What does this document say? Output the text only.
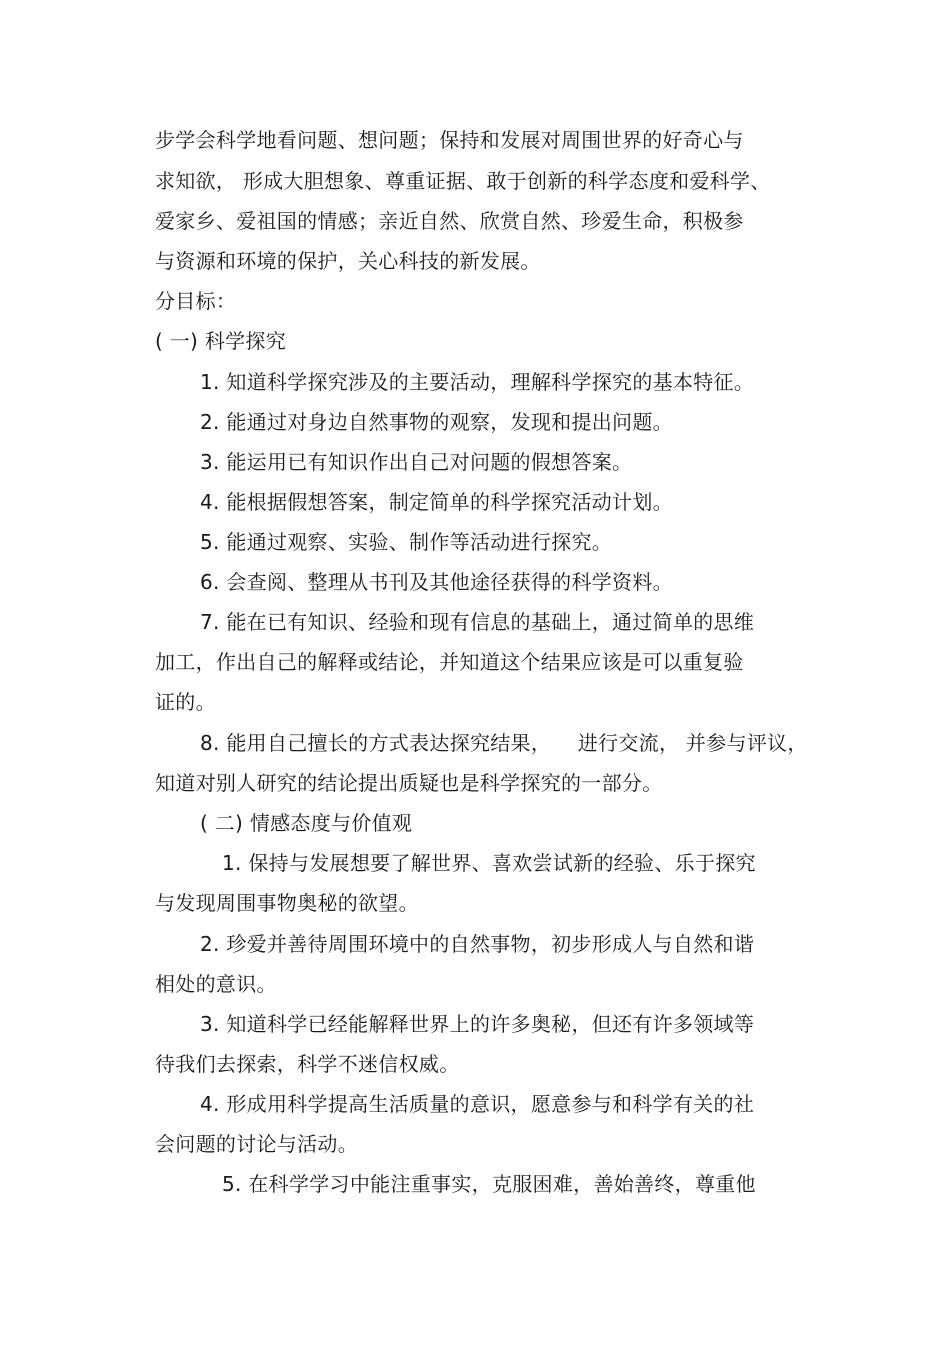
步学会科学地看问题、想问题；保持和发展对周围世界的好奇心与
求知欲， 形成大胆想象、尊重证据、敢于创新的科学态度和爱科学、
爱家乡、爱祖国的情感；亲近自然、欣赏自然、珍爱生命，积极参
与资源和环境的保护，关心科技的新发展。
分目标：
( 一) 科学探究
1. 知道科学探究涉及的主要活动，理解科学探究的基本特征。
2. 能通过对身边自然事物的观察，发现和提出问题。
3. 能运用已有知识作出自己对问题的假想答案。
4. 能根据假想答案，制定简单的科学探究活动计划。
5. 能通过观察、实验、制作等活动进行探究。
6. 会查阅、整理从书刊及其他途径获得的科学资料。
7. 能在已有知识、经验和现有信息的基础上，通过简单的思维
加工，作出自己的解释或结论，并知道这个结果应该是可以重复验
证的。
8. 能用自己擅长的方式表达探究结果，    进行交流， 并参与评议，
知道对别人研究的结论提出质疑也是科学探究的一部分。
( 二) 情感态度与价值观
1. 保持与发展想要了解世界、喜欢尝试新的经验、乐于探究
与发现周围事物奥秘的欲望。
2. 珍爱并善待周围环境中的自然事物，初步形成人与自然和谐
相处的意识。
3. 知道科学已经能解释世界上的许多奥秘，但还有许多领域等
待我们去探索，科学不迷信权威。
4. 形成用科学提高生活质量的意识，愿意参与和科学有关的社
会问题的讨论与活动。
5. 在科学学习中能注重事实，克服困难，善始善终，尊重他
